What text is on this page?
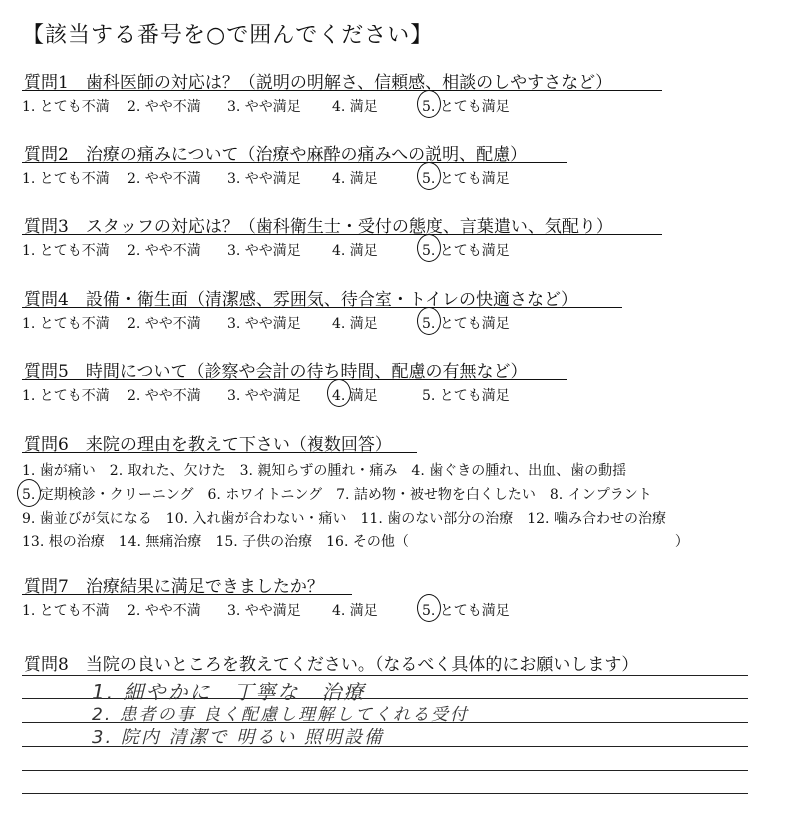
【該当する番号を○で囲んでください】
質問1　歯科医師の対応は？（説明の明解さ、信頼感、相談のしやすさなど）
1. とても不満 2. やや不満 3. やや満足 4. 満足	5. とても満足
質問2　治療の痛みについて（治療や麻酔の痛みへの説明、配慮）
1. とても不満 2. やや不満 3. やや満足 4. 満足	5. とても満足
質問3　スタッフの対応は？（歯科衛生士・受付の態度、言葉遣い、気配り）
1. とても不満 2. やや不満 3. やや満足 4. 満足	5. とても満足
質問4　設備・衛生面（清潔感、雰囲気、待合室・トイレの快適さなど）
1. とても不満 2. やや不満 3. やや満足 4. 満足	5. とても満足
質問5　時間について（診察や会計の待ち時間、配慮の有無など）
1. とても不満 2. やや不満 3. やや満足 4. 満足	5. とても満足
質問7　治療結果に満足できましたか？
1. とても不満 2. やや不満 3. やや満足 4. 満足	5. とても満足
質問6　来院の理由を教えて下さい（複数回答）
1. 歯が痛い　2. 取れた、欠けた　3. 親知らずの腫れ・痛み　4. 歯ぐきの腫れ、出血、歯の動揺
5. 定期検診・クリーニング　6. ホワイトニング　7. 詰め物・被せ物を白くしたい　8. インプラント
9. 歯並びが気になる　10. 入れ歯が合わない・痛い　11. 歯のない部分の治療　12. 噛み合わせの治療
13. 根の治療　14. 無痛治療　15. 子供の治療　16. その他（　　　　　　　　　　　　　　　　　　　）
質問8　当院の良いところを教えてください。（なるべく具体的にお願いします）
1. 細やかに　丁寧な　治療
2. 患者の事 良く配慮し理解してくれる受付
3. 院内 清潔で 明るい 照明設備
